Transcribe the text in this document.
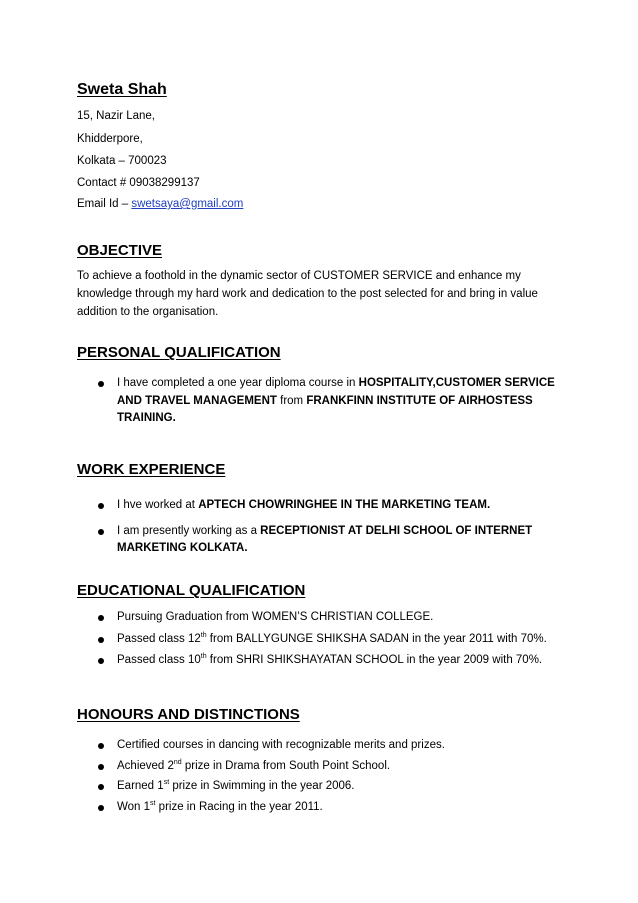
Sweta Shah
15, Nazir Lane,
Khidderpore,
Kolkata – 700023
Contact # 09038299137
Email Id – swetsaya@gmail.com
OBJECTIVE
To achieve a foothold in the dynamic sector of CUSTOMER SERVICE and enhance my
knowledge through my hard work and dedication to the post selected for and bring in value
addition to the organisation.
PERSONAL QUALIFICATION
I have completed a one year diploma course in HOSPITALITY,CUSTOMER SERVICE
AND TRAVEL MANAGEMENT from FRANKFINN INSTITUTE OF AIRHOSTESS
TRAINING.
WORK EXPERIENCE
I hve worked at APTECH CHOWRINGHEE IN THE MARKETING TEAM.
I am presently working as a RECEPTIONIST AT DELHI SCHOOL OF INTERNET
MARKETING KOLKATA.
EDUCATIONAL QUALIFICATION
Pursuing Graduation from WOMEN’S CHRISTIAN COLLEGE.
Passed class 12th from BALLYGUNGE SHIKSHA SADAN in the year 2011 with 70%.
Passed class 10th from SHRI SHIKSHAYATAN SCHOOL in the year 2009 with 70%.
HONOURS AND DISTINCTIONS
Certified courses in dancing with recognizable merits and prizes.
Achieved 2nd prize in Drama from South Point School.
Earned 1st prize in Swimming in the year 2006.
Won 1st prize in Racing in the year 2011.
